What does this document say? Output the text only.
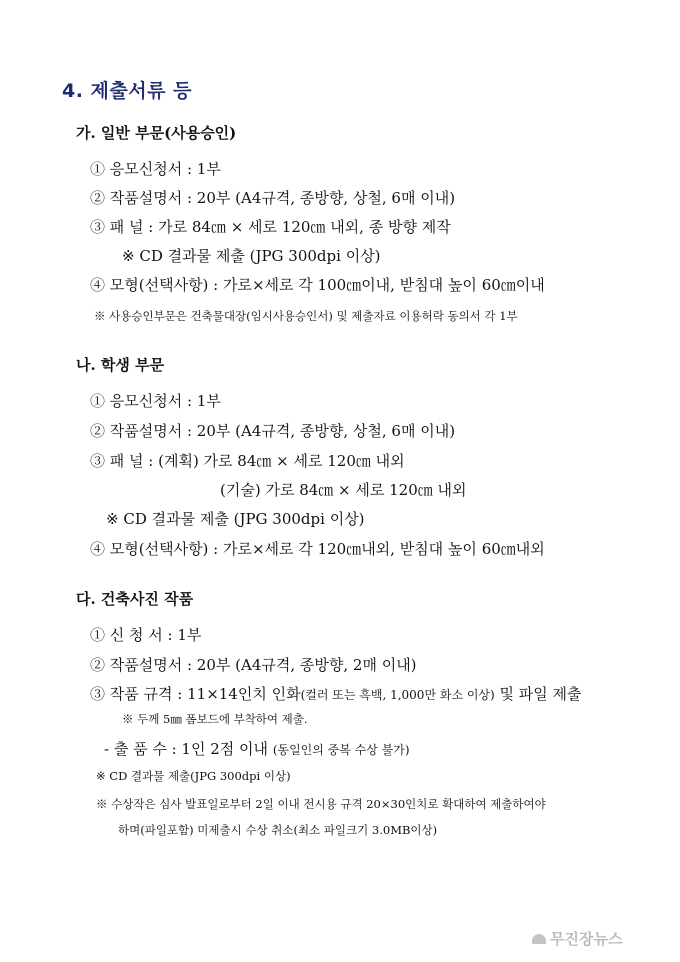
4. 제출서류 등
가. 일반 부문(사용승인)
① 응모신청서 : 1부
② 작품설명서 : 20부 (A4규격, 종방향, 상철, 6매 이내)
③ 패 널 : 가로 84㎝ × 세로 120㎝ 내외, 종 방향 제작
※ CD 결과물 제출 (JPG 300dpi 이상)
④ 모형(선택사항) : 가로×세로 각 100㎝이내, 받침대 높이 60㎝이내
※ 사용승인부문은 건축물대장(임시사용승인서) 및 제출자료 이용허락 동의서 각 1부
나. 학생 부문
① 응모신청서 : 1부
② 작품설명서 : 20부 (A4규격, 종방향, 상철, 6매 이내)
③ 패 널 : (계획) 가로 84㎝ × 세로 120㎝ 내외
(기술) 가로 84㎝ × 세로 120㎝ 내외
※ CD 결과물 제출 (JPG 300dpi 이상)
④ 모형(선택사항) : 가로×세로 각 120㎝내외, 받침대 높이 60㎝내외
다. 건축사진 작품
① 신 청 서 : 1부
② 작품설명서 : 20부 (A4규격, 종방향, 2매 이내)
③ 작품 규격 : 11×14인치 인화(컬러 또는 흑백, 1,000만 화소 이상) 및 파일 제출
※ 두께 5㎜ 폼보드에 부착하여 제출.
- 출 품 수 : 1인 2점 이내 (동일인의 중복 수상 불가)
※ CD 결과물 제출(JPG 300dpi 이상)
※ 수상작은 심사 발표일로부터 2일 이내 전시용 규격 20×30인치로 확대하여 제출하여야
하며(파일포함) 미제출시 수상 취소(최소 파일크기 3.0MB이상)
무진장뉴스
